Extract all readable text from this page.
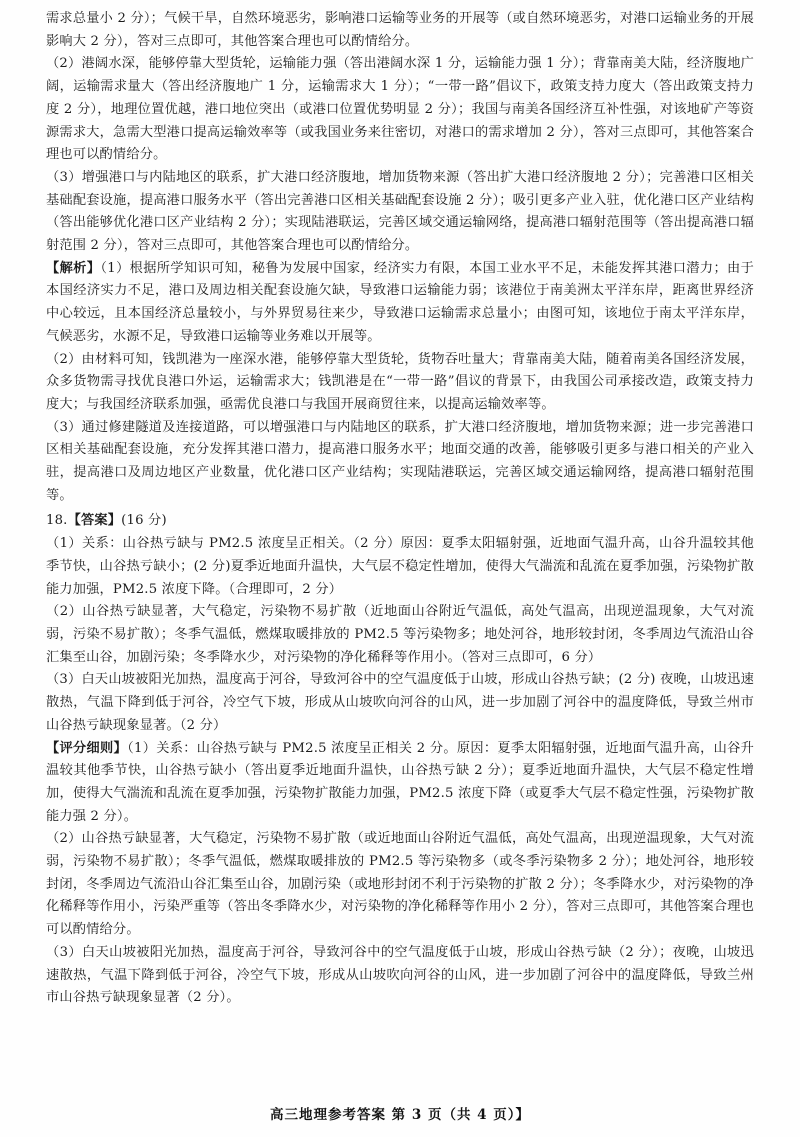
需求总量小 2 分）；气候干旱，自然环境恶劣，影响港口运输等业务的开展等（或自然环境恶劣，对港口运输业务的开展影响大 2 分），答对三点即可，其他答案合理也可以酌情给分。

（2）港阔水深，能够停靠大型货轮，运输能力强（答出港阔水深 1 分，运输能力强 1 分）；背靠南美大陆，经济腹地广阔，运输需求量大（答出经济腹地广 1 分，运输需求大 1 分）；“一带一路”倡议下，政策支持力度大（答出政策支持力度 2 分），地理位置优越，港口地位突出（或港口位置优势明显 2 分）；我国与南美各国经济互补性强，对该地矿产等资源需求大，急需大型港口提高运输效率等（或我国业务来往密切，对港口的需求增加 2 分），答对三点即可，其他答案合理也可以酌情给分。

（3）增强港口与内陆地区的联系，扩大港口经济腹地，增加货物来源（答出扩大港口经济腹地 2 分）；完善港口区相关基础配套设施，提高港口服务水平（答出完善港口区相关基础配套设施 2 分）；吸引更多产业入驻，优化港口区产业结构（答出能够优化港口区产业结构 2 分）；实现陆港联运，完善区域交通运输网络，提高港口辐射范围等（答出提高港口辐射范围 2 分），答对三点即可，其他答案合理也可以酌情给分。

【解析】（1）根据所学知识可知，秘鲁为发展中国家，经济实力有限，本国工业水平不足，未能发挥其港口潜力；由于本国经济实力不足，港口及周边相关配套设施欠缺，导致港口运输能力弱；该港位于南美洲太平洋东岸，距离世界经济中心较远，且本国经济总量较小，与外界贸易往来少，导致港口运输需求总量小；由图可知，该地位于南太平洋东岸，气候恶劣，水源不足，导致港口运输等业务难以开展等。

（2）由材料可知，钱凯港为一座深水港，能够停靠大型货轮，货物吞吐量大；背靠南美大陆，随着南美各国经济发展，众多货物需寻找优良港口外运，运输需求大；钱凯港是在“一带一路”倡议的背景下，由我国公司承接改造，政策支持力度大；与我国经济联系加强，亟需优良港口与我国开展商贸往来，以提高运输效率等。

（3）通过修建隧道及连接道路，可以增强港口与内陆地区的联系，扩大港口经济腹地，增加货物来源；进一步完善港口区相关基础配套设施，充分发挥其港口潜力，提高港口服务水平；地面交通的改善，能够吸引更多与港口相关的产业入驻，提高港口及周边地区产业数量，优化港口区产业结构；实现陆港联运，完善区域交通运输网络，提高港口辐射范围等。

18.【答案】(16 分)

（1）关系：山谷热亏缺与 PM2.5 浓度呈正相关。（2 分）原因：夏季太阳辐射强，近地面气温升高，山谷升温较其他季节快，山谷热亏缺小；(2 分)夏季近地面升温快，大气层不稳定性增加，使得大气湍流和乱流在夏季加强，污染物扩散能力加强，PM2.5 浓度下降。（合理即可，2 分）

（2）山谷热亏缺显著，大气稳定，污染物不易扩散（近地面山谷附近气温低，高处气温高，出现逆温现象，大气对流弱，污染不易扩散）；冬季气温低，燃煤取暖排放的 PM2.5 等污染物多；地处河谷，地形较封闭，冬季周边气流沿山谷汇集至山谷，加剧污染；冬季降水少，对污染物的净化稀释等作用小。（答对三点即可，6 分）

（3）白天山坡被阳光加热，温度高于河谷，导致河谷中的空气温度低于山坡，形成山谷热亏缺；(2 分) 夜晚，山坡迅速散热，气温下降到低于河谷，冷空气下坡，形成从山坡吹向河谷的山风，进一步加剧了河谷中的温度降低，导致兰州市山谷热亏缺现象显著。（2 分）

【评分细则】（1）关系：山谷热亏缺与 PM2.5 浓度呈正相关 2 分。原因：夏季太阳辐射强，近地面气温升高，山谷升温较其他季节快，山谷热亏缺小（答出夏季近地面升温快，山谷热亏缺 2 分）；夏季近地面升温快，大气层不稳定性增加，使得大气湍流和乱流在夏季加强，污染物扩散能力加强，PM2.5 浓度下降（或夏季大气层不稳定性强，污染物扩散能力强 2 分）。

（2）山谷热亏缺显著，大气稳定，污染物不易扩散（或近地面山谷附近气温低，高处气温高，出现逆温现象，大气对流弱，污染物不易扩散）；冬季气温低，燃煤取暖排放的 PM2.5 等污染物多（或冬季污染物多 2 分）；地处河谷，地形较封闭，冬季周边气流沿山谷汇集至山谷，加剧污染（或地形封闭不利于污染物的扩散 2 分）；冬季降水少，对污染物的净化稀释等作用小，污染严重等（答出冬季降水少，对污染物的净化稀释等作用小 2 分），答对三点即可，其他答案合理也可以酌情给分。

（3）白天山坡被阳光加热，温度高于河谷，导致河谷中的空气温度低于山坡，形成山谷热亏缺（2 分）；夜晚，山坡迅速散热，气温下降到低于河谷，冷空气下坡，形成从山坡吹向河谷的山风，进一步加剧了河谷中的温度降低，导致兰州市山谷热亏缺现象显著（2 分）。

高三地理参考答案 第 3 页（共 4 页）】
